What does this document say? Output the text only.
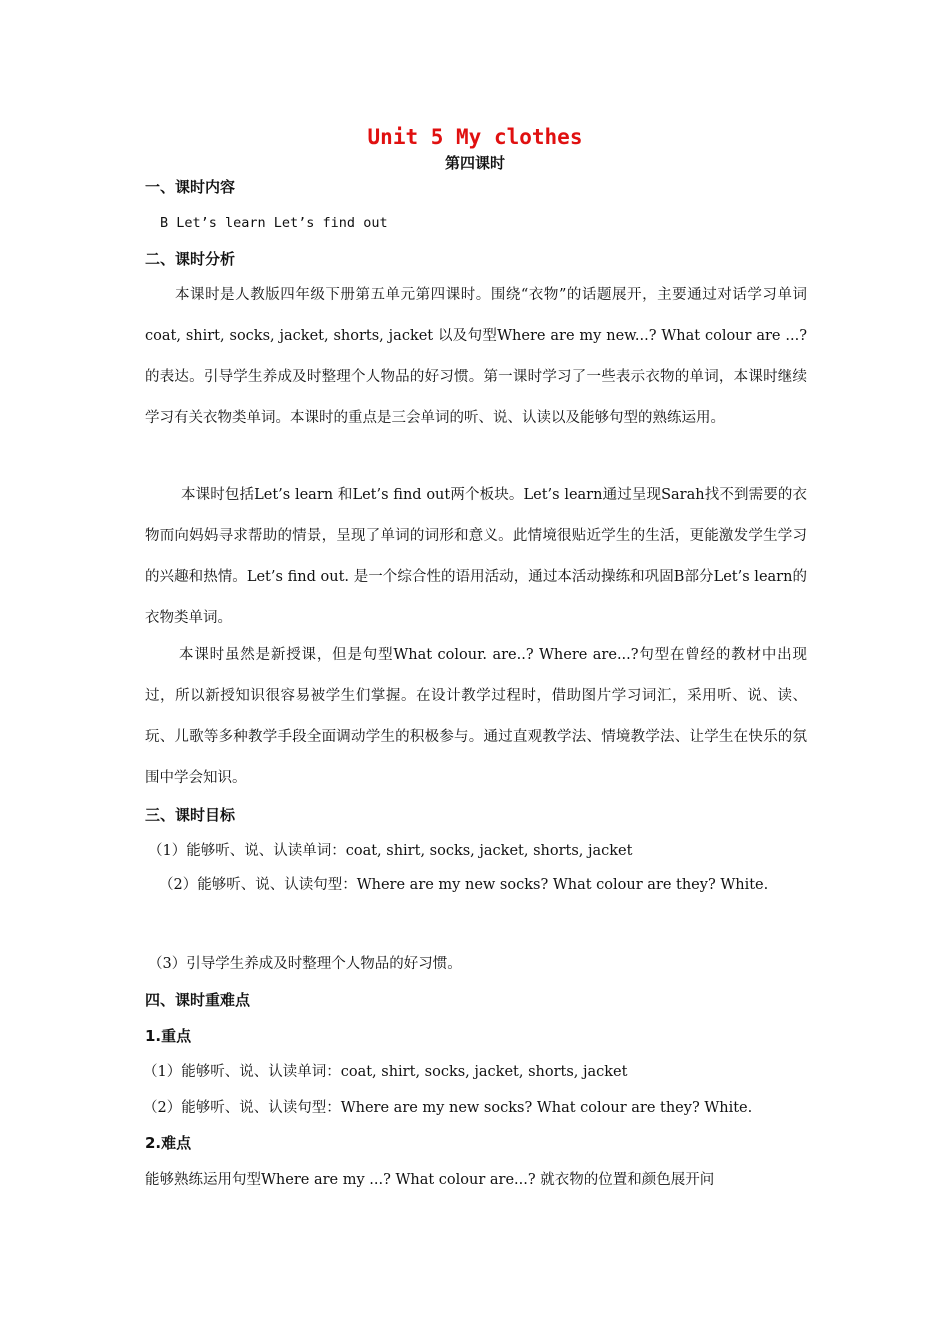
Unit 5 My clothes
第四课时
一、课时内容
B Let’s learn Let’s find out
二、课时分析
本课时是人教版四年级下册第五单元第四课时。围绕“衣物”的话题展开，主要通过对话学习单词coat, shirt, socks, jacket, shorts, jacket 以及句型Where are my new...? What colour are ...?的表达。引导学生养成及时整理个人物品的好习惯。第一课时学习了一些表示衣物的单词，本课时继续学习有关衣物类单词。本课时的重点是三会单词的听、说、认读以及能够句型的熟练运用。
本课时包括Let’s learn 和Let’s find out两个板块。Let’s learn通过呈现Sarah找不到需要的衣物而向妈妈寻求帮助的情景，呈现了单词的词形和意义。此情境很贴近学生的生活，更能激发学生学习的兴趣和热情。Let’s find out. 是一个综合性的语用活动，通过本活动操练和巩固B部分Let’s learn的衣物类单词。
本课时虽然是新授课，但是句型What colour. are..? Where are...?句型在曾经的教材中出现过，所以新授知识很容易被学生们掌握。在设计教学过程时，借助图片学习词汇，采用听、说、读、 玩、儿歌等多种教学手段全面调动学生的积极参与。通过直观教学法、情境教学法、让学生在快乐的氛围中学会知识。
三、课时目标
（1）能够听、说、认读单词：coat, shirt, socks, jacket, shorts, jacket
（2）能够听、说、认读句型：Where are my new socks? What colour are they? White.
（3）引导学生养成及时整理个人物品的好习惯。
四、课时重难点
1.重点
（1）能够听、说、认读单词：coat, shirt, socks, jacket, shorts, jacket
（2）能够听、说、认读句型：Where are my new socks? What colour are they? White.
2.难点
能够熟练运用句型Where are my ...? What colour are...? 就衣物的位置和颜色展开问
